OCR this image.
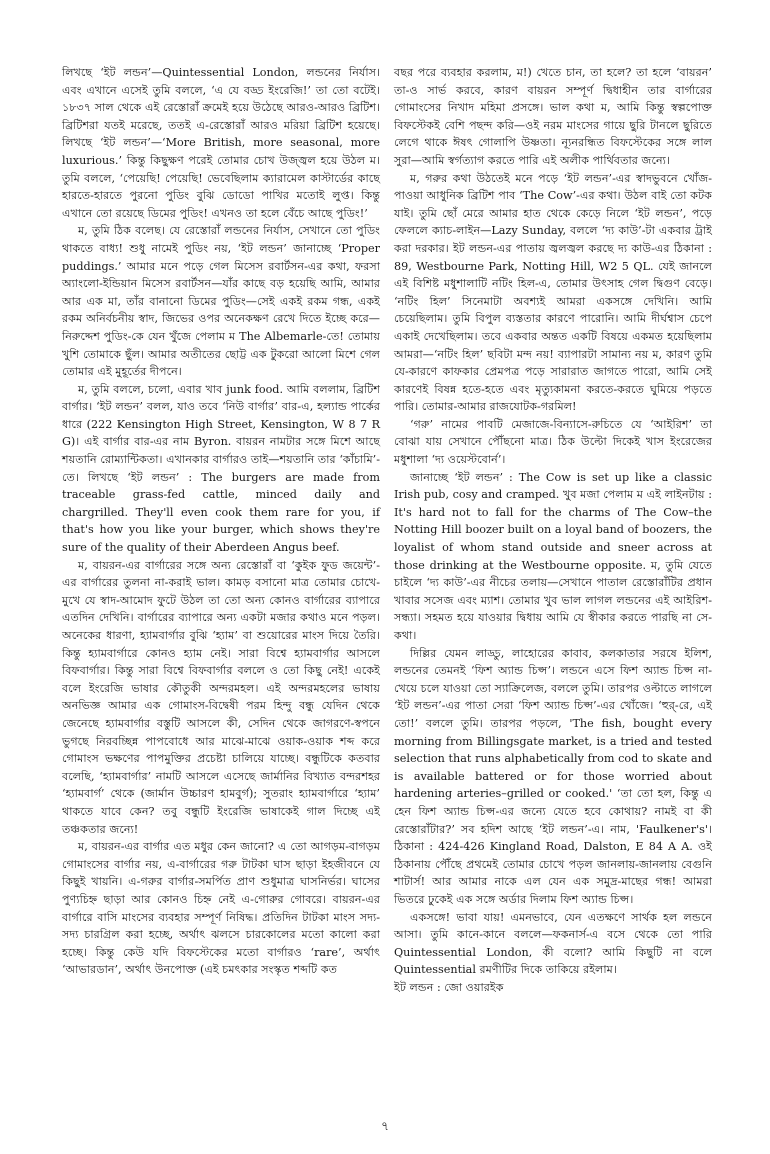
লিখছে ‘ইট লন্ডন’—Quintessential London, লন্ডনের নির্যাস। এবং এখানে এসেই তুমি বললে, ‘এ যে বড্ড ইংরেজি!’ তা তো বটেই। ১৮৩৭ সাল থেকে এই রেস্তোরাঁ ক্রমেই হয়ে উঠেছে আরও-আরও ব্রিটিশ। ব্রিটিশরা যতই মরেছে, ততই এ-রেস্তোরাঁ আরও মরিয়া ব্রিটিশ হয়েছে। লিখছে ‘ইট লন্ডন’—‘More British, more seasonal, more luxurious.’ কিন্তু কিছুক্ষণ পরেই তোমার চোখ উজ্জ্বল হয়ে উঠল ম। তুমি বললে, ‘পেয়েছি! পেয়েছি! ভেবেছিলাম ক্যারামেল কাস্টার্ডের কাছে হারতে-হারতে পুরনো পুডিং বুঝি ডোডো পাখির মতোই লুপ্ত। কিন্তু এখানে তো রয়েছে ডিমের পুডিং! এখনও তা হলে বেঁচে আছে পুডিং!’

ম, তুমি ঠিক বলেছ। যে রেস্তোরাঁ লন্ডনের নির্যাস, সেখানে তো পুডিং থাকতে বাধ্য! শুধু নামেই পুডিং নয়, ‘ইট লন্ডন’ জানাচ্ছে ‘Proper puddings.’ আমার মনে পড়ে গেল মিসেস রবার্টসন-এর কথা, ফরসা অ্যাংলো-ইন্ডিয়ান মিসেস রবার্টসন—যাঁর কাছে বড় হয়েছি আমি, আমার আর এক মা, তাঁর বানানো ডিমের পুডিং—সেই একই রকম গন্ধ, একই রকম অনির্বচনীয় স্বাদ, জিভের ওপর অনেকক্ষণ রেখে দিতে ইচ্ছে করে—নিরুদ্দেশ পুডিং-কে যেন খুঁজে পেলাম ম The Albemarle-তে! তোমায় খুশি তোমাকে ছুঁল। আমার অতীতের ছোট্ট এক টুকরো আলো মিশে গেল তোমার এই মুহূর্তের দীপনে।

ম, তুমি বললে, চলো, এবার খাব junk food. আমি বললাম, ব্রিটিশ বার্গার। ‘ইট লন্ডন’ বলল, যাও তবে ‘নিউ বার্গার’ বার-এ, হল্যান্ড পার্কের ধারে (222 Kensington High Street, Kensington, W 8 7 R G)। এই বার্গার বার-এর নাম Byron. বায়রন নামটার সঙ্গে মিশে আছে শয়তানি রোম্যান্টিকতা। এখানকার বার্গারও তাই—শয়তানি তার ‘কাঁচামি’-তে। লিখছে ‘ইট লন্ডন’ : The burgers are made from traceable grass-fed cattle, minced daily and chargrilled. They'll even cook them rare for you, if that's how you like your burger, which shows they're sure of the quality of their Aberdeen Angus beef.

ম, বায়রন-এর বার্গারের সঙ্গে অন্য রেস্তোরাঁ বা ‘কুইক ফুড জয়েন্ট’-এর বার্গারের তুলনা না-করাই ভাল। কামড় বসানো মাত্র তোমার চোখে-মুখে যে স্বাদ-আমোদ ফুটে উঠল তা তো অন্য কোনও বার্গারের ব্যাপারে এতদিন দেখিনি। বার্গারের ব্যাপারে অন্য একটা মজার কথাও মনে পড়ল। অনেকের ধারণা, হ্যামবার্গার বুঝি ‘হ্যাম’ বা শুয়োরের মাংস দিয়ে তৈরি। কিন্তু হ্যামবার্গারে কোনও হ্যাম নেই। সারা বিশ্বে হ্যামবার্গার আসলে বিফবার্গার। কিন্তু সারা বিশ্বে বিফবার্গার বললে ও তো কিছু নেই! একেই বলে ইংরেজি ভাষার কৌতুকী অন্দরমহল। এই অন্দরমহলের ভাষায় অনভিজ্ঞ আমার এক গোমাংস-বিদ্বেষী পরম হিন্দু বন্ধু যেদিন থেকে জেনেছে হ্যামবার্গার বস্তুটি আসলে কী, সেদিন থেকে জাগরণে-স্বপনে ভুগছে নিরবচ্ছিন্ন পাপবোধে আর মাঝে-মাঝে ওয়াক-ওয়াক শব্দ করে গোমাংস ভক্ষণের পাপমুক্তির প্রচেষ্টা চালিয়ে যাচ্ছে। বন্ধুটিকে কতবার বলেছি, ‘হ্যামবার্গার’ নামটি আসলে এসেছে জার্মানির বিখ্যাত বন্দরশহর ‘হ্যামবার্গ’ থেকে (জার্মান উচ্চারণ হামবুর্গ); সুতরাং হ্যামবার্গারে ‘হ্যাম’ থাকতে যাবে কেন? তবু বন্ধুটি ইংরেজি ভাষাকেই গাল দিচ্ছে এই তঞ্চকতার জন্যে!

ম, বায়রন-এর বার্গার এত মধুর কেন জানো? এ তো আগড়ম-বাগড়ম গোমাংসের বার্গার নয়, এ-বার্গারের গরু টাটকা ঘাস ছাড়া ইহজীবনে যে কিছুই খায়নি। এ-গরুর বার্গার-সমর্পিত প্রাণ শুধুমাত্র ঘাসনির্ভর। ঘাসের পুণ্যচিহ্ন ছাড়া আর কোনও চিহ্ন নেই এ-গোরুর গোবরে। বায়রন-এর বার্গারে বাসি মাংসের ব্যবহার সম্পূর্ণ নিষিদ্ধ। প্রতিদিন টাটকা মাংস সদ্য-সদ্য চারগ্রিল করা হচ্ছে, অর্থাৎ ঝলসে চারকোলের মতো কালো করা হচ্ছে। কিন্তু কেউ যদি বিফস্টেকের মতো বার্গারও ‘rare’, অর্থাৎ ‘আভারডান’, অর্থাৎ উনপোক্ত (এই চমৎকার সংস্কৃত শব্দটি কত

বছর পরে ব্যবহার করলাম, ম!) খেতে চান, তা হলে? তা হলে ‘বায়রন’ তা-ও সার্ভ করবে, কারণ বায়রন সম্পূর্ণ দ্বিধাহীন তার বার্গারের গোমাংসের নিখাদ মহিমা প্রসঙ্গে। ভাল কথা ম, আমি কিন্তু স্বল্পপোক্ত বিফস্টেকই বেশি পছন্দ করি—ওই নরম মাংসের গায়ে ছুরি টানলে ছুরিতে লেগে থাকে ঈষৎ গোলাপি উষ্ণতা। ন্যূনরন্ধিত বিফস্টেকের সঙ্গে লাল সুরা—আমি স্বর্গত্যাগ করতে পারি এই অলীক পার্থিবতার জন্যে।

ম, গরুর কথা উঠতেই মনে পড়ে ‘ইট লন্ডন’-এর স্বাদভুবনে খোঁজ-পাওয়া আধুনিক ব্রিটিশ পাব ‘The Cow’-এর কথা। উঠল বাই তো কটক যাই। তুমি ছোঁ মেরে আমার হাত থেকে কেড়ে নিলে ‘ইট লন্ডন’, পড়ে ফেললে ক্যাচ-লাইন—Lazy Sunday, বললে ‘দ্য কাউ’-টা একবার ট্রাই করা দরকার। ইট লন্ডন-এর পাতায় জ্বলজ্বল করছে দ্য কাউ-এর ঠিকানা : 89, Westbourne Park, Notting Hill, W2 5 QL. যেই জানলে এই বিশিষ্ট মধুশালাটি নটিং হিল-এ, তোমার উৎসাহ গেল দ্বিগুণ বেড়ে। ‘নটিং হিল’ সিনেমাটা অবশ্যই আমরা একসঙ্গে দেখিনি। আমি চেয়েছিলাম। তুমি বিপুল ব্যস্ততার কারণে পারোনি। আমি দীর্ঘশ্বাস চেপে একাই দেখেছিলাম। তবে একবার অন্তত একটি বিষয়ে একমত হয়েছিলাম আমরা—‘নটিং হিল’ ছবিটা মন্দ নয়! ব্যাপারটা সামান্য নয় ম, কারণ তুমি যে-কারণে কাফকার প্রেমপত্র পড়ে সারারাত জাগতে পারো, আমি সেই কারণেই বিষন্ন হতে-হতে এবং মৃত্যুকামনা করতে-করতে ঘুমিয়ে পড়তে পারি। তোমার-আমার রাজযোটক-গরমিল!

‘গরু’ নামের পাবটি মেজাজে-বিন্যাসে-রুচিতে যে ‘আইরিশ’ তা বোঝা যায় সেখানে পৌঁছনো মাত্র। ঠিক উল্টো দিকেই খাস ইংরেজের মধুশালা ‘দ্য ওয়েস্টবোর্ন’।

জানাচ্ছে ‘ইট লন্ডন’ : The Cow is set up like a classic Irish pub, cosy and cramped. খুব মজা পেলাম ম এই লাইনটায় : It's hard not to fall for the charms of The Cow–the Notting Hill boozer built on a loyal band of boozers, the loyalist of whom stand outside and sneer across at those drinking at the Westbourne opposite. ম, তুমি যেতে চাইলে ‘দ্য কাউ’-এর নীচের তলায়—সেখানে পাতাল রেস্তোরাঁটির প্রধান খাবার সসেজ এবং ম্যাশ। তোমার খুব ভাল লাগল লন্ডনের এই আইরিশ-সন্ধ্যা। সহমত হয়ে যাওয়ার দ্বিধায় আমি যে স্বীকার করতে পারছি না সে-কথা।

দিল্লির যেমন লাড্ডু, লাহোরের কাবাব, কলকাতার সরষে ইলিশ, লন্ডনের তেমনই ‘ফিশ অ্যান্ড চিপ্স’। লন্ডনে এসে ফিশ অ্যান্ড চিপ্স না-খেয়ে চলে যাওয়া তো স্যাক্রিলেজ, বললে তুমি। তারপর ওল্টাতে লাগলে ‘ইট লন্ডন’-এর পাতা সেরা ‘ফিশ অ্যান্ড চিপ্স’-এর খোঁজে। ‘হুর্‌-রে, এই তো!’ বললে তুমি। তারপর পড়লে, 'The fish, bought every morning from Billingsgate market, is a tried and tested selection that runs alphabetically from cod to skate and is available battered or for those worried about hardening arteries–grilled or cooked.' ‘তা তো হল, কিন্তু এ হেন ফিশ অ্যান্ড চিপ্স-এর জন্যে যেতে হবে কোথায়? নামই বা কী রেস্তোরাঁটার?’ সব হদিশ আছে ‘ইট লন্ডন’-এ। নাম, 'Faulkener's'। ঠিকানা : 424-426 Kingland Road, Dalston, E 84 A A. ওই ঠিকানায় পৌঁছে প্রথমেই তোমার চোখে পড়ল জানলায়-জানলায় বেগুনি শাটার্স! আর আমার নাকে এল যেন এক সমুদ্র-মাছের গন্ধ! আমরা ভিতরে ঢুকেই এক সঙ্গে অর্ডার দিলাম ফিশ অ্যান্ড চিপ্স।

একসঙ্গে! ভাবা যায়! এমনভাবে, যেন এতক্ষণে সার্থক হল লন্ডনে আসা। তুমি কানে-কানে বললে—ফকনার্স-এ বসে থেকে তো পারি Quintessential London, কী বলো? আমি কিছুটি না বলে Quintessential রমণীটির দিকে তাকিয়ে রইলাম।

ইট লন্ডন : জো ওয়ারইক

৭
